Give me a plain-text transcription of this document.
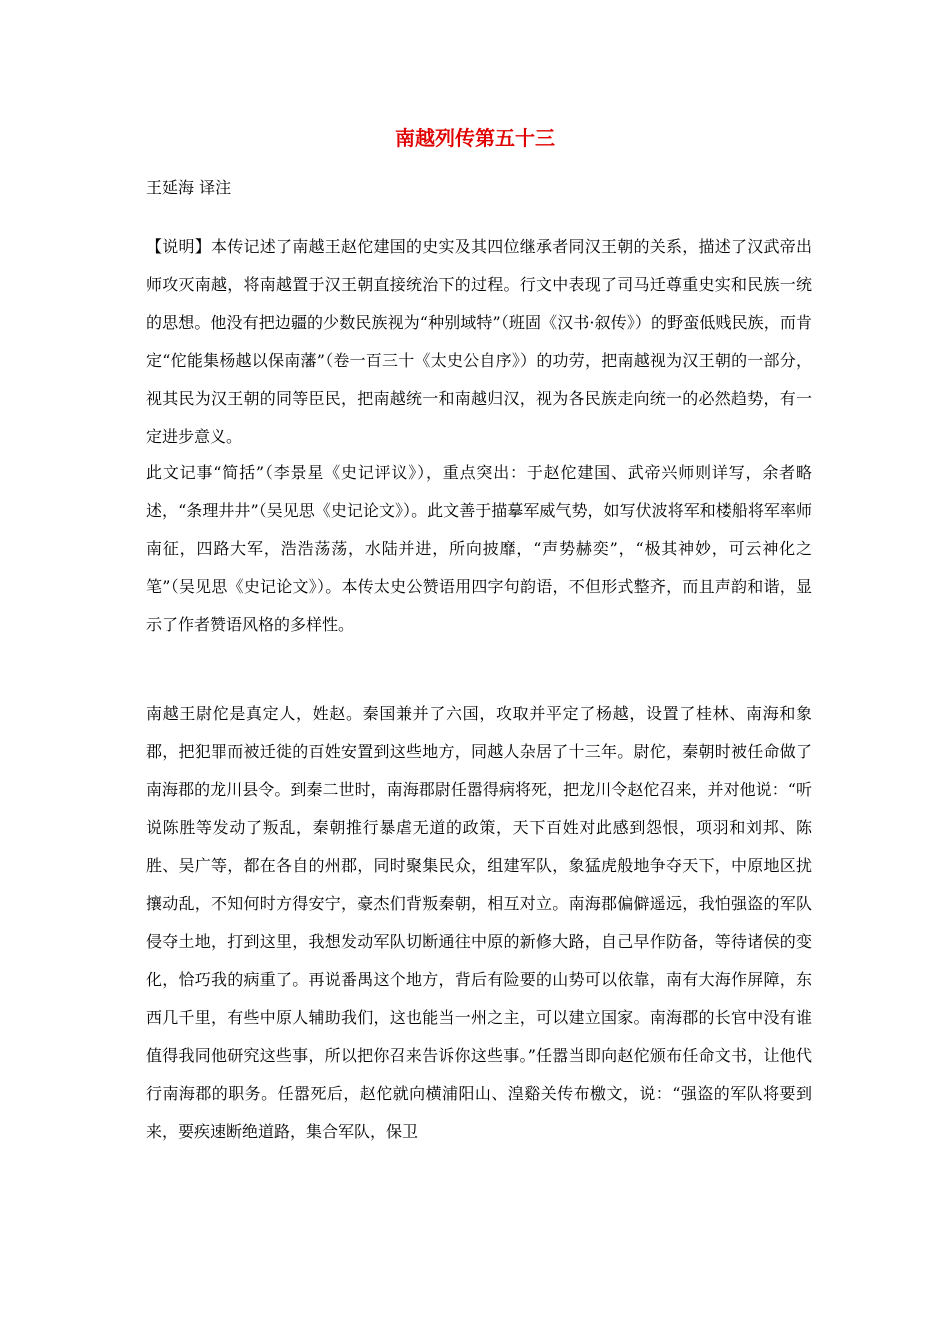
南越列传第五十三
王延海 译注

【说明】本传记述了南越王赵佗建国的史实及其四位继承者同汉王朝的关系，描述了汉武帝出师攻灭南越，将南越置于汉王朝直接统治下的过程。行文中表现了司马迁尊重史实和民族一统的思想。他没有把边疆的少数民族视为“种别域特”（班固《汉书·叙传》）的野蛮低贱民族，而肯定“佗能集杨越以保南藩”（卷一百三十《太史公自序》）的功劳，把南越视为汉王朝的一部分，视其民为汉王朝的同等臣民，把南越统一和南越归汉，视为各民族走向统一的必然趋势，有一定进步意义。

此文记事“简括”（李景星《史记评议》），重点突出：于赵佗建国、武帝兴师则详写，余者略述，“条理井井”（吴见思《史记论文》）。此文善于描摹军威气势，如写伏波将军和楼船将军率师南征，四路大军，浩浩荡荡，水陆并进，所向披靡，“声势赫奕”，“极其神妙，可云神化之笔”（吴见思《史记论文》）。本传太史公赞语用四字句韵语，不但形式整齐，而且声韵和谐，显示了作者赞语风格的多样性。

南越王尉佗是真定人，姓赵。秦国兼并了六国，攻取并平定了杨越，设置了桂林、南海和象郡，把犯罪而被迁徙的百姓安置到这些地方，同越人杂居了十三年。尉佗，秦朝时被任命做了南海郡的龙川县令。到秦二世时，南海郡尉任嚣得病将死，把龙川令赵佗召来，并对他说：“听说陈胜等发动了叛乱，秦朝推行暴虐无道的政策，天下百姓对此感到怨恨，项羽和刘邦、陈胜、吴广等，都在各自的州郡，同时聚集民众，组建军队，象猛虎般地争夺天下，中原地区扰攘动乱，不知何时方得安宁，豪杰们背叛秦朝，相互对立。南海郡偏僻遥远，我怕强盗的军队侵夺土地，打到这里，我想发动军队切断通往中原的新修大路，自己早作防备，等待诸侯的变化，恰巧我的病重了。再说番禺这个地方，背后有险要的山势可以依靠，南有大海作屏障，东西几千里，有些中原人辅助我们，这也能当一州之主，可以建立国家。南海郡的长官中没有谁值得我同他研究这些事，所以把你召来告诉你这些事。”任嚣当即向赵佗颁布任命文书，让他代行南海郡的职务。任嚣死后，赵佗就向横浦阳山、湟谿关传布檄文，说：“强盗的军队将要到来，要疾速断绝道路，集合军队，保卫
